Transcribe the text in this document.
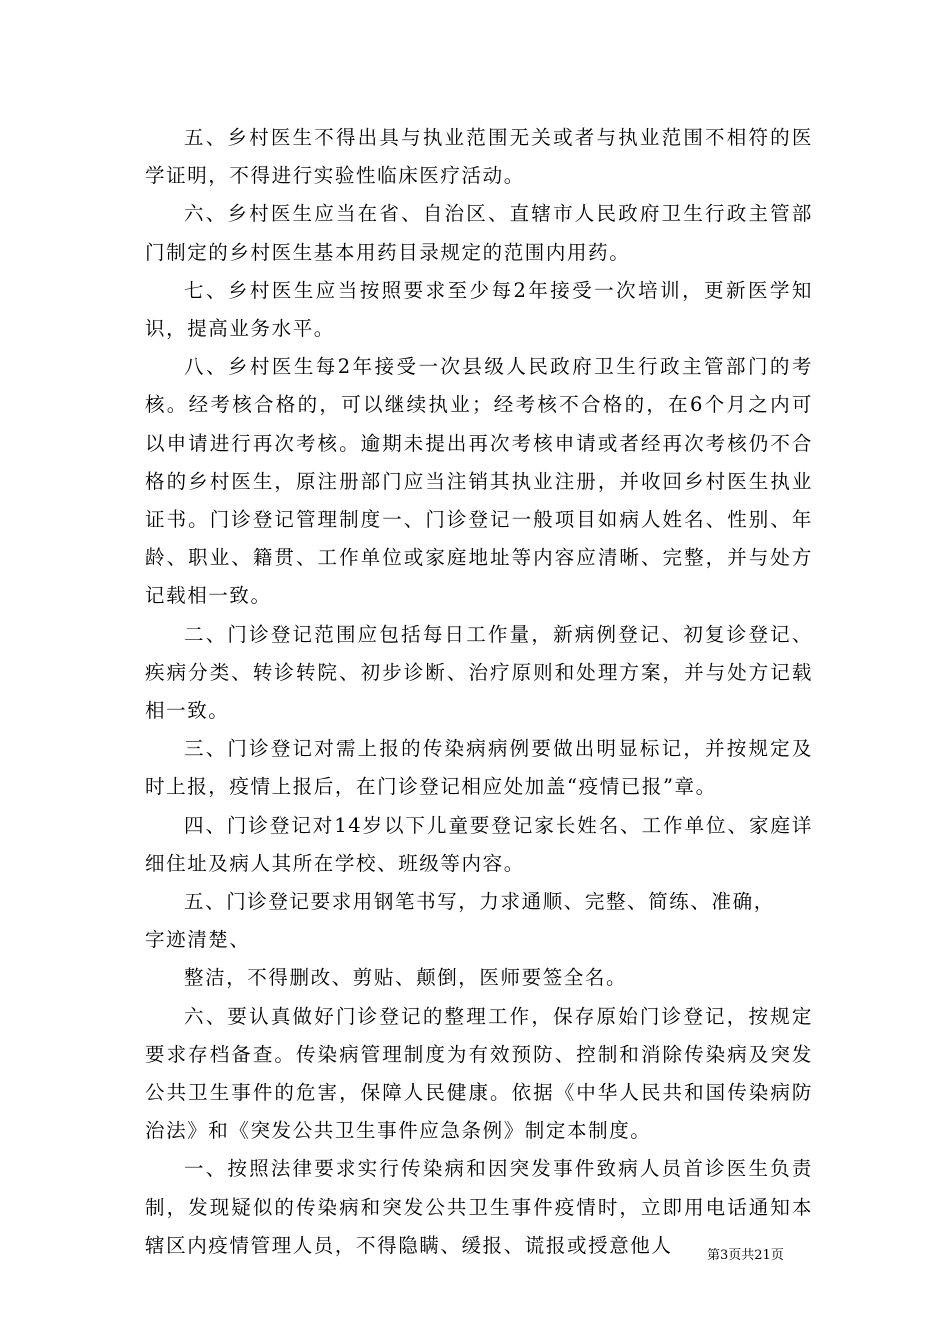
五、乡村医生不得出具与执业范围无关或者与执业范围不相符的医学证明，不得进行实验性临床医疗活动。

六、乡村医生应当在省、自治区、直辖市人民政府卫生行政主管部门制定的乡村医生基本用药目录规定的范围内用药。

七、乡村医生应当按照要求至少每2年接受一次培训，更新医学知识，提高业务水平。

八、乡村医生每2年接受一次县级人民政府卫生行政主管部门的考核。经考核合格的，可以继续执业；经考核不合格的，在6个月之内可以申请进行再次考核。逾期未提出再次考核申请或者经再次考核仍不合格的乡村医生，原注册部门应当注销其执业注册，并收回乡村医生执业证书。门诊登记管理制度一、门诊登记一般项目如病人姓名、性别、年龄、职业、籍贯、工作单位或家庭地址等内容应清晰、完整，并与处方记载相一致。

二、门诊登记范围应包括每日工作量，新病例登记、初复诊登记、疾病分类、转诊转院、初步诊断、治疗原则和处理方案，并与处方记载相一致。

三、门诊登记对需上报的传染病病例要做出明显标记，并按规定及时上报，疫情上报后，在门诊登记相应处加盖“疫情已报”章。

四、门诊登记对14岁以下儿童要登记家长姓名、工作单位、家庭详细住址及病人其所在学校、班级等内容。

五、门诊登记要求用钢笔书写，力求通顺、完整、简练、准确，

字迹清楚、

整洁，不得删改、剪贴、颠倒，医师要签全名。

六、要认真做好门诊登记的整理工作，保存原始门诊登记，按规定要求存档备查。传染病管理制度为有效预防、控制和消除传染病及突发公共卫生事件的危害，保障人民健康。依据《中华人民共和国传染病防治法》和《突发公共卫生事件应急条例》制定本制度。

一、按照法律要求实行传染病和因突发事件致病人员首诊医生负责制，发现疑似的传染病和突发公共卫生事件疫情时，立即用电话通知本辖区内疫情管理人员，不得隐瞒、缓报、谎报或授意他人	第3页共21页
